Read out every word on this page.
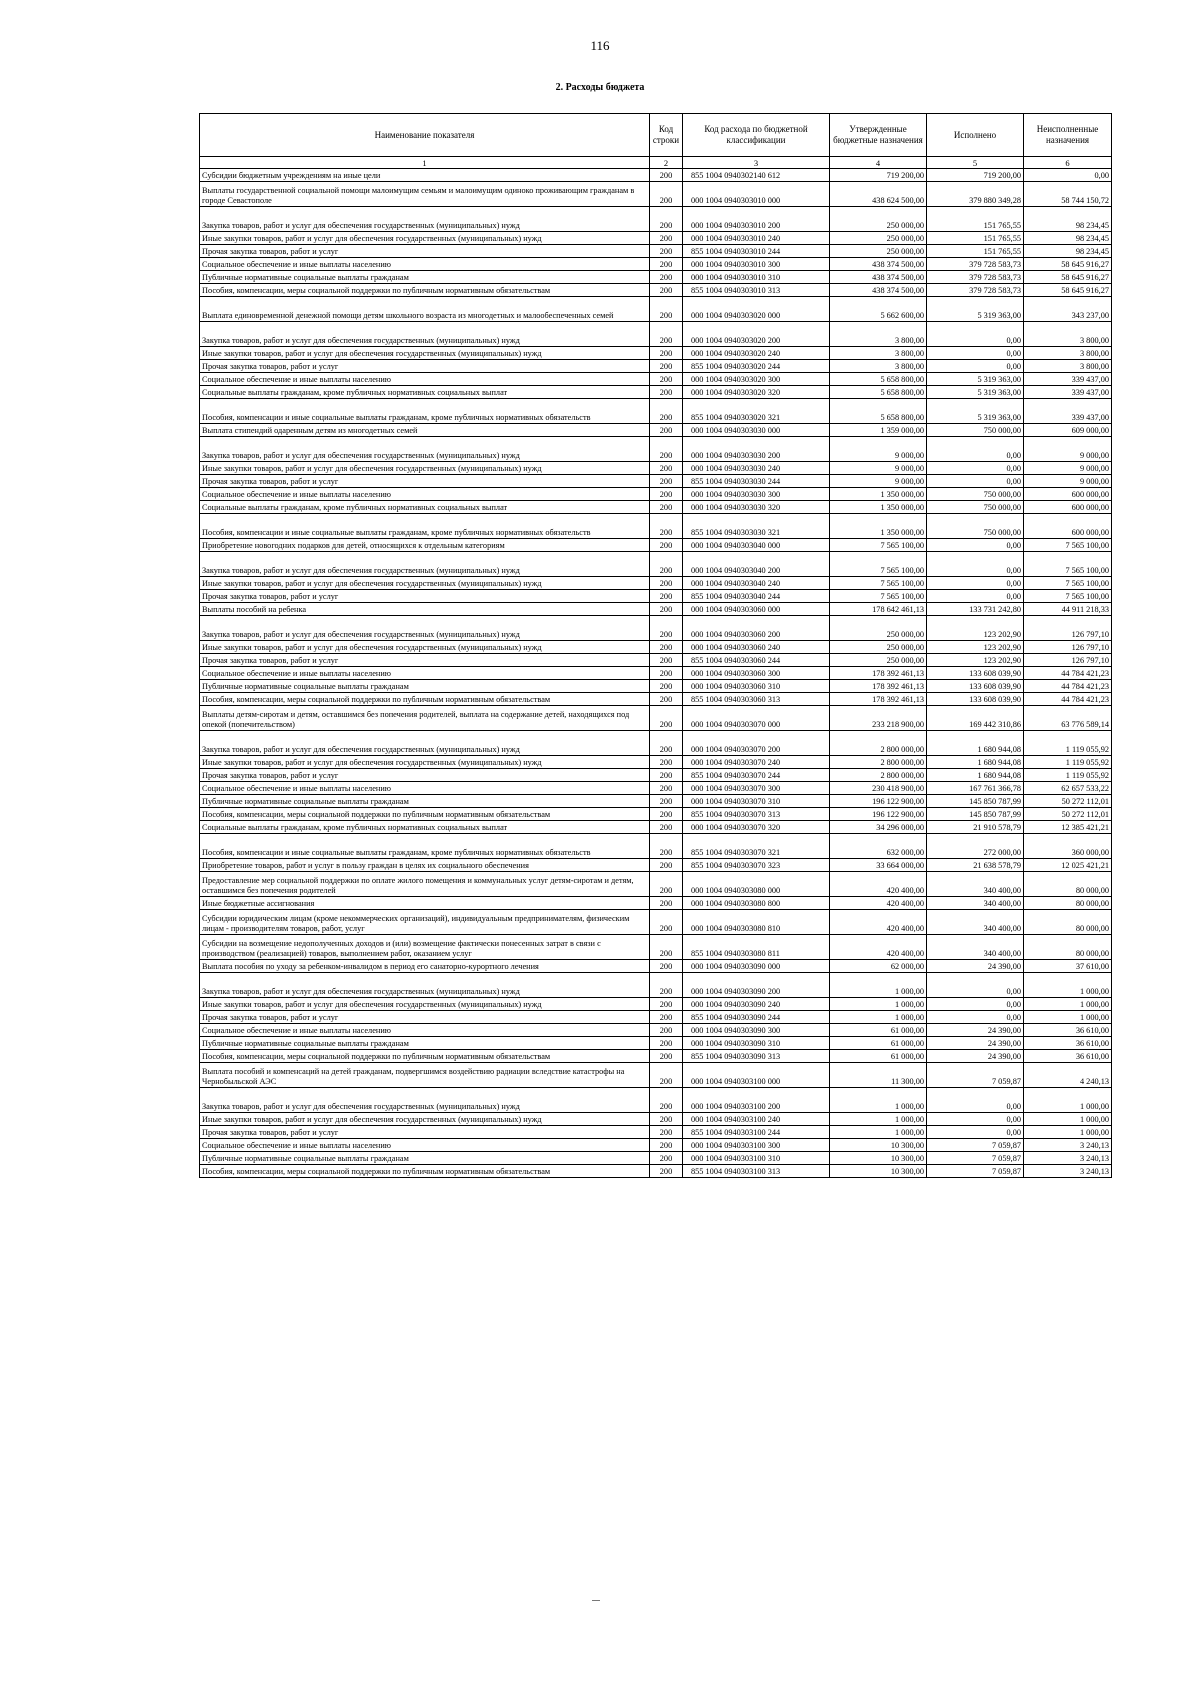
116
2. Расходы бюджета
Наименование показателя	Код строки	Код расхода по бюджетной классификации	Утвержденные бюджетные назначения	Исполнено	Неисполненные назначения
1	2	3	4	5	6
Субсидии бюджетным учреждениям на иные цели	200	855 1004 0940302140 612	719 200,00	719 200,00	0,00
Выплаты государственной социальной помощи малоимущим семьям и малоимущим одиноко проживающим гражданам в городе Севастополе	200	000 1004 0940303010 000	438 624 500,00	379 880 349,28	58 744 150,72
Закупка товаров, работ и услуг для обеспечения государственных (муниципальных) нужд	200	000 1004 0940303010 200	250 000,00	151 765,55	98 234,45
Иные закупки товаров, работ и услуг для обеспечения государственных (муниципальных) нужд	200	000 1004 0940303010 240	250 000,00	151 765,55	98 234,45
Прочая закупка товаров, работ и услуг	200	855 1004 0940303010 244	250 000,00	151 765,55	98 234,45
Социальное обеспечение и иные выплаты населению	200	000 1004 0940303010 300	438 374 500,00	379 728 583,73	58 645 916,27
Публичные нормативные социальные выплаты гражданам	200	000 1004 0940303010 310	438 374 500,00	379 728 583,73	58 645 916,27
Пособия, компенсации, меры социальной поддержки по публичным нормативным обязательствам	200	855 1004 0940303010 313	438 374 500,00	379 728 583,73	58 645 916,27
Выплата единовременной денежной помощи детям школьного возраста из многодетных и малообеспеченных семей	200	000 1004 0940303020 000	5 662 600,00	5 319 363,00	343 237,00
Закупка товаров, работ и услуг для обеспечения государственных (муниципальных) нужд	200	000 1004 0940303020 200	3 800,00	0,00	3 800,00
Иные закупки товаров, работ и услуг для обеспечения государственных (муниципальных) нужд	200	000 1004 0940303020 240	3 800,00	0,00	3 800,00
Прочая закупка товаров, работ и услуг	200	855 1004 0940303020 244	3 800,00	0,00	3 800,00
Социальное обеспечение и иные выплаты населению	200	000 1004 0940303020 300	5 658 800,00	5 319 363,00	339 437,00
Социальные выплаты гражданам, кроме публичных нормативных социальных выплат	200	000 1004 0940303020 320	5 658 800,00	5 319 363,00	339 437,00
Пособия, компенсации и иные социальные выплаты гражданам, кроме публичных нормативных обязательств	200	855 1004 0940303020 321	5 658 800,00	5 319 363,00	339 437,00
Выплата стипендий одаренным детям из многодетных семей	200	000 1004 0940303030 000	1 359 000,00	750 000,00	609 000,00
Закупка товаров, работ и услуг для обеспечения государственных (муниципальных) нужд	200	000 1004 0940303030 200	9 000,00	0,00	9 000,00
Иные закупки товаров, работ и услуг для обеспечения государственных (муниципальных) нужд	200	000 1004 0940303030 240	9 000,00	0,00	9 000,00
Прочая закупка товаров, работ и услуг	200	855 1004 0940303030 244	9 000,00	0,00	9 000,00
Социальное обеспечение и иные выплаты населению	200	000 1004 0940303030 300	1 350 000,00	750 000,00	600 000,00
Социальные выплаты гражданам, кроме публичных нормативных социальных выплат	200	000 1004 0940303030 320	1 350 000,00	750 000,00	600 000,00
Пособия, компенсации и иные социальные выплаты гражданам, кроме публичных нормативных обязательств	200	855 1004 0940303030 321	1 350 000,00	750 000,00	600 000,00
Приобретение новогодних подарков для детей, относящихся к отдельным категориям	200	000 1004 0940303040 000	7 565 100,00	0,00	7 565 100,00
Закупка товаров, работ и услуг для обеспечения государственных (муниципальных) нужд	200	000 1004 0940303040 200	7 565 100,00	0,00	7 565 100,00
Иные закупки товаров, работ и услуг для обеспечения государственных (муниципальных) нужд	200	000 1004 0940303040 240	7 565 100,00	0,00	7 565 100,00
Прочая закупка товаров, работ и услуг	200	855 1004 0940303040 244	7 565 100,00	0,00	7 565 100,00
Выплаты пособий на ребенка	200	000 1004 0940303060 000	178 642 461,13	133 731 242,80	44 911 218,33
Закупка товаров, работ и услуг для обеспечения государственных (муниципальных) нужд	200	000 1004 0940303060 200	250 000,00	123 202,90	126 797,10
Иные закупки товаров, работ и услуг для обеспечения государственных (муниципальных) нужд	200	000 1004 0940303060 240	250 000,00	123 202,90	126 797,10
Прочая закупка товаров, работ и услуг	200	855 1004 0940303060 244	250 000,00	123 202,90	126 797,10
Социальное обеспечение и иные выплаты населению	200	000 1004 0940303060 300	178 392 461,13	133 608 039,90	44 784 421,23
Публичные нормативные социальные выплаты гражданам	200	000 1004 0940303060 310	178 392 461,13	133 608 039,90	44 784 421,23
Пособия, компенсации, меры социальной поддержки по публичным нормативным обязательствам	200	855 1004 0940303060 313	178 392 461,13	133 608 039,90	44 784 421,23
Выплаты детям-сиротам и детям, оставшимся без попечения родителей, выплата на содержание детей, находящихся под опекой (попечительством)	200	000 1004 0940303070 000	233 218 900,00	169 442 310,86	63 776 589,14
Закупка товаров, работ и услуг для обеспечения государственных (муниципальных) нужд	200	000 1004 0940303070 200	2 800 000,00	1 680 944,08	1 119 055,92
Иные закупки товаров, работ и услуг для обеспечения государственных (муниципальных) нужд	200	000 1004 0940303070 240	2 800 000,00	1 680 944,08	1 119 055,92
Прочая закупка товаров, работ и услуг	200	855 1004 0940303070 244	2 800 000,00	1 680 944,08	1 119 055,92
Социальное обеспечение и иные выплаты населению	200	000 1004 0940303070 300	230 418 900,00	167 761 366,78	62 657 533,22
Публичные нормативные социальные выплаты гражданам	200	000 1004 0940303070 310	196 122 900,00	145 850 787,99	50 272 112,01
Пособия, компенсации, меры социальной поддержки по публичным нормативным обязательствам	200	855 1004 0940303070 313	196 122 900,00	145 850 787,99	50 272 112,01
Социальные выплаты гражданам, кроме публичных нормативных социальных выплат	200	000 1004 0940303070 320	34 296 000,00	21 910 578,79	12 385 421,21
Пособия, компенсации и иные социальные выплаты гражданам, кроме публичных нормативных обязательств	200	855 1004 0940303070 321	632 000,00	272 000,00	360 000,00
Приобретение товаров, работ и услуг в пользу граждан в целях их социального обеспечения	200	855 1004 0940303070 323	33 664 000,00	21 638 578,79	12 025 421,21
Предоставление мер социальной поддержки по оплате жилого помещения и коммунальных услуг детям-сиротам и детям, оставшимся без попечения родителей	200	000 1004 0940303080 000	420 400,00	340 400,00	80 000,00
Иные бюджетные ассигнования	200	000 1004 0940303080 800	420 400,00	340 400,00	80 000,00
Субсидии юридическим лицам (кроме некоммерческих организаций), индивидуальным предпринимателям, физическим лицам - производителям товаров, работ, услуг	200	000 1004 0940303080 810	420 400,00	340 400,00	80 000,00
Субсидии на возмещение недополученных доходов и (или) возмещение фактически понесенных затрат в связи с производством (реализацией) товаров, выполнением работ, оказанием услуг	200	855 1004 0940303080 811	420 400,00	340 400,00	80 000,00
Выплата пособия по уходу за ребенком-инвалидом в период его санаторно-курортного лечения	200	000 1004 0940303090 000	62 000,00	24 390,00	37 610,00
Закупка товаров, работ и услуг для обеспечения государственных (муниципальных) нужд	200	000 1004 0940303090 200	1 000,00	0,00	1 000,00
Иные закупки товаров, работ и услуг для обеспечения государственных (муниципальных) нужд	200	000 1004 0940303090 240	1 000,00	0,00	1 000,00
Прочая закупка товаров, работ и услуг	200	855 1004 0940303090 244	1 000,00	0,00	1 000,00
Социальное обеспечение и иные выплаты населению	200	000 1004 0940303090 300	61 000,00	24 390,00	36 610,00
Публичные нормативные социальные выплаты гражданам	200	000 1004 0940303090 310	61 000,00	24 390,00	36 610,00
Пособия, компенсации, меры социальной поддержки по публичным нормативным обязательствам	200	855 1004 0940303090 313	61 000,00	24 390,00	36 610,00
Выплата пособий и компенсаций на детей гражданам, подвергшимся воздействию радиации вследствие катастрофы на Чернобыльской АЭС	200	000 1004 0940303100 000	11 300,00	7 059,87	4 240,13
Закупка товаров, работ и услуг для обеспечения государственных (муниципальных) нужд	200	000 1004 0940303100 200	1 000,00	0,00	1 000,00
Иные закупки товаров, работ и услуг для обеспечения государственных (муниципальных) нужд	200	000 1004 0940303100 240	1 000,00	0,00	1 000,00
Прочая закупка товаров, работ и услуг	200	855 1004 0940303100 244	1 000,00	0,00	1 000,00
Социальное обеспечение и иные выплаты населению	200	000 1004 0940303100 300	10 300,00	7 059,87	3 240,13
Публичные нормативные социальные выплаты гражданам	200	000 1004 0940303100 310	10 300,00	7 059,87	3 240,13
Пособия, компенсации, меры социальной поддержки по публичным нормативным обязательствам	200	855 1004 0940303100 313	10 300,00	7 059,87	3 240,13
